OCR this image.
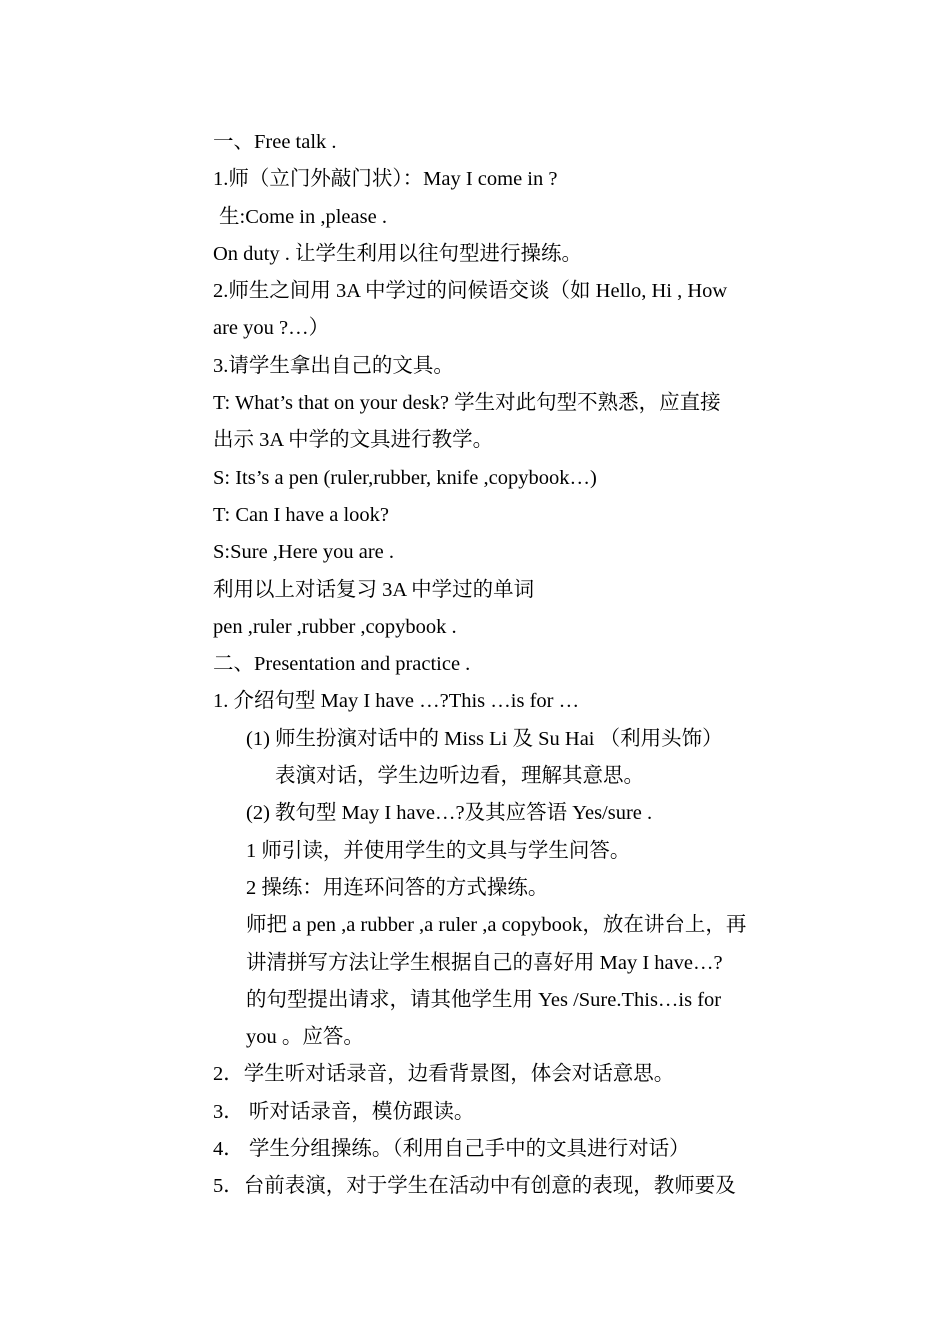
一、Free talk .
1.师（立门外敲门状）：May I come in ?
生:Come in ,please .
On duty . 让学生利用以往句型进行操练。
2.师生之间用 3A 中学过的问候语交谈（如 Hello, Hi , How
are you ?…）
3.请学生拿出自己的文具。
T: What’s that on your desk? 学生对此句型不熟悉，应直接
出示 3A 中学的文具进行教学。
S: Its’s a pen (ruler,rubber, knife ,copybook…)
T: Can I have a look?
S:Sure ,Here you are .
利用以上对话复习 3A 中学过的单词
pen ,ruler ,rubber ,copybook .
二、Presentation and practice .
1. 介绍句型 May I have …?This …is for …
(1) 师生扮演对话中的 Miss Li 及 Su Hai （利用头饰）
表演对话，学生边听边看，理解其意思。
(2) 教句型 May I have…?及其应答语 Yes/sure .
1 师引读，并使用学生的文具与学生问答。
2 操练：用连环问答的方式操练。
师把 a pen ,a rubber ,a ruler ,a copybook，放在讲台上，再
讲清拼写方法让学生根据自己的喜好用 May I have…?
的句型提出请求，请其他学生用 Yes /Sure.This…is for
you 。应答。
2．学生听对话录音，边看背景图，体会对话意思。
3． 听对话录音，模仿跟读。
4． 学生分组操练。（利用自己手中的文具进行对话）
5．台前表演，对于学生在活动中有创意的表现，教师要及
